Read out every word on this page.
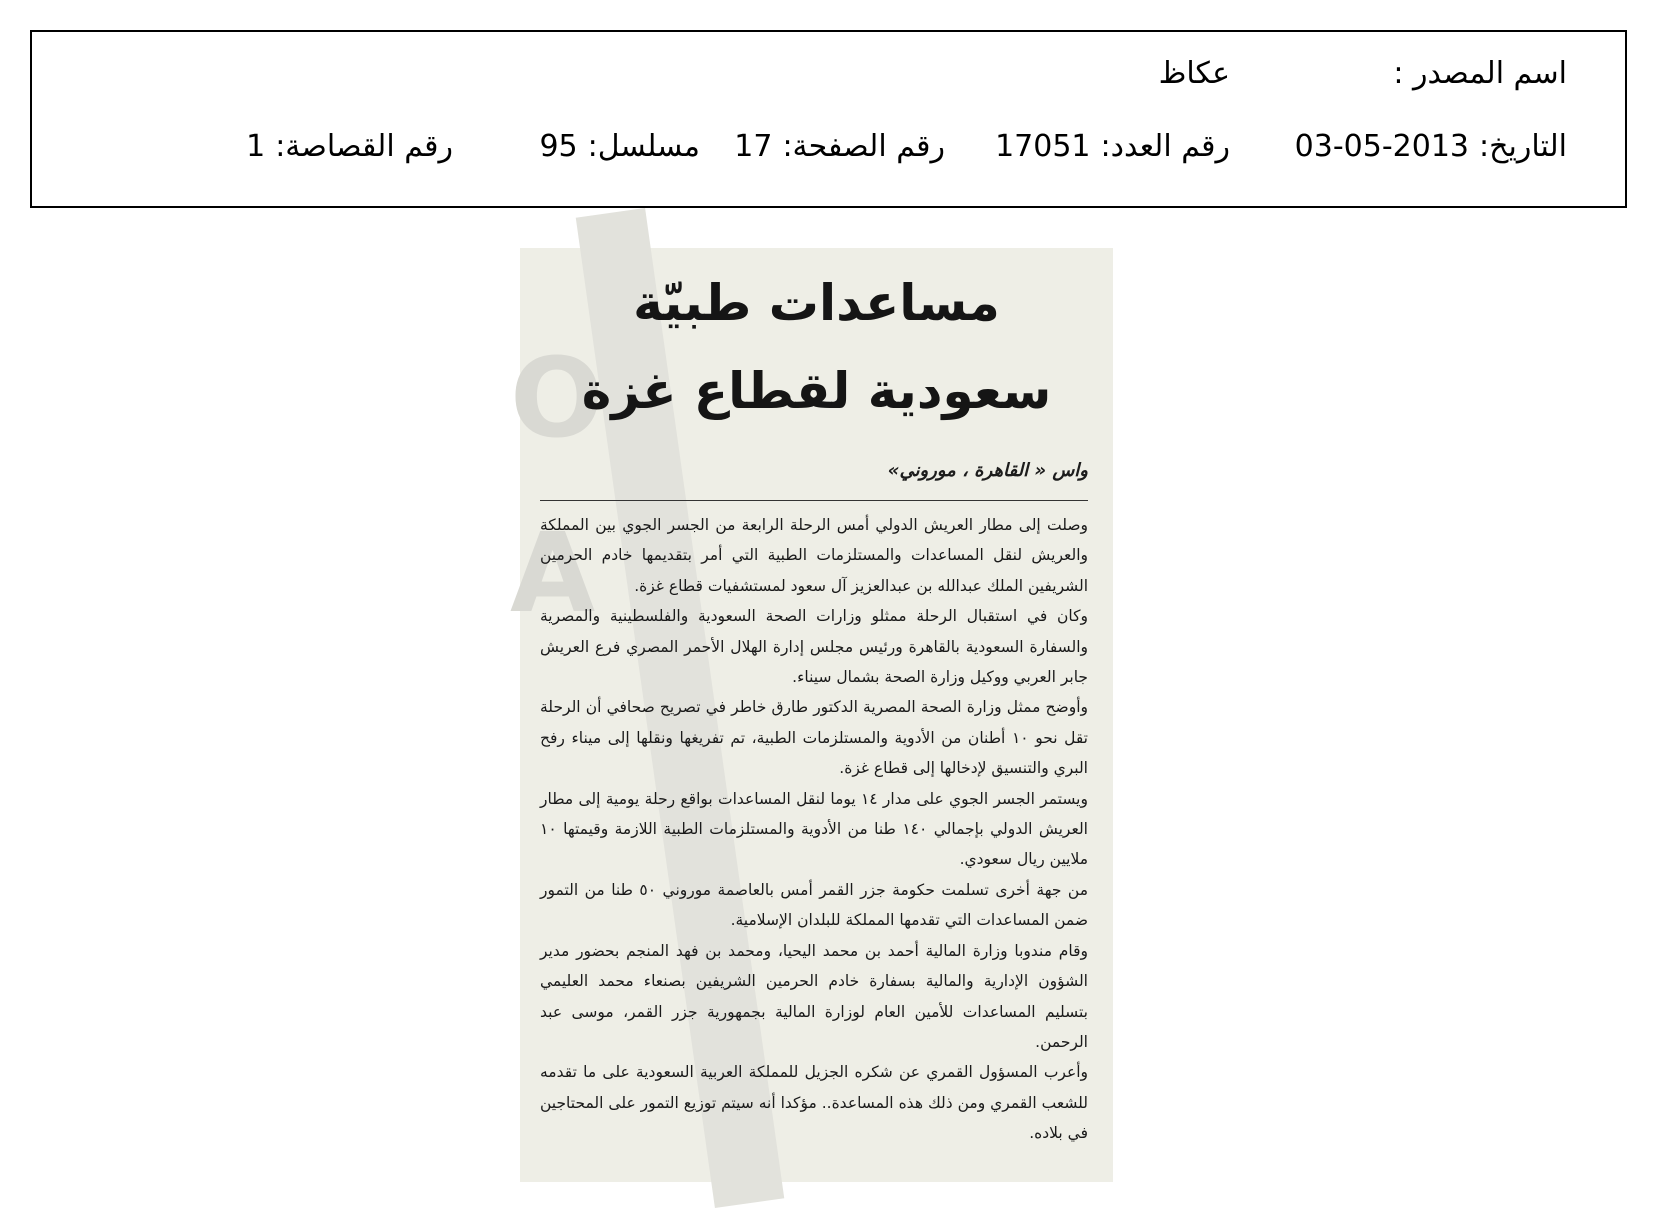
اسم المصدر :
عكاظ
التاريخ:2013-05-03
رقم العدد:17051
رقم الصفحة:17
مسلسل:95
رقم القصاصة:1
O
A
مساعدات طبيّة
سعودية لقطاع غزة
واس « القاهرة ، موروني»

وصلت إلى مطار العريش الدولي أمس الرحلة الرابعة من الجسر الجوي بين المملكة والعريش لنقل المساعدات والمستلزمات الطبية التي أمر بتقديمها خادم الحرمين الشريفين الملك عبدالله بن عبدالعزيز آل سعود لمستشفيات قطاع غزة.

وكان في استقبال الرحلة ممثلو وزارات الصحة السعودية والفلسطينية والمصرية والسفارة السعودية بالقاهرة ورئيس مجلس إدارة الهلال الأحمر المصري فرع العريش جابر العربي ووكيل وزارة الصحة بشمال سيناء.

وأوضح ممثل وزارة الصحة المصرية الدكتور طارق خاطر في تصريح صحافي أن الرحلة تقل نحو ١٠ أطنان من الأدوية والمستلزمات الطبية، تم تفريغها ونقلها إلى ميناء رفح البري والتنسيق لإدخالها إلى قطاع غزة.

ويستمر الجسر الجوي على مدار ١٤ يوما لنقل المساعدات بواقع رحلة يومية إلى مطار العريش الدولي بإجمالي ١٤٠ طنا من الأدوية والمستلزمات الطبية اللازمة وقيمتها ١٠ ملايين ريال سعودي.

من جهة أخرى تسلمت حكومة جزر القمر أمس بالعاصمة موروني ٥٠ طنا من التمور ضمن المساعدات التي تقدمها المملكة للبلدان الإسلامية.

وقام مندوبا وزارة المالية أحمد بن محمد اليحيا، ومحمد بن فهد المنجم بحضور مدير الشؤون الإدارية والمالية بسفارة خادم الحرمين الشريفين بصنعاء محمد العليمي بتسليم المساعدات للأمين العام لوزارة المالية بجمهورية جزر القمر، موسى عبد الرحمن.

وأعرب المسؤول القمري عن شكره الجزيل للمملكة العربية السعودية على ما تقدمه للشعب القمري ومن ذلك هذه المساعدة.. مؤكدا أنه سيتم توزيع التمور على المحتاجين في بلاده.
